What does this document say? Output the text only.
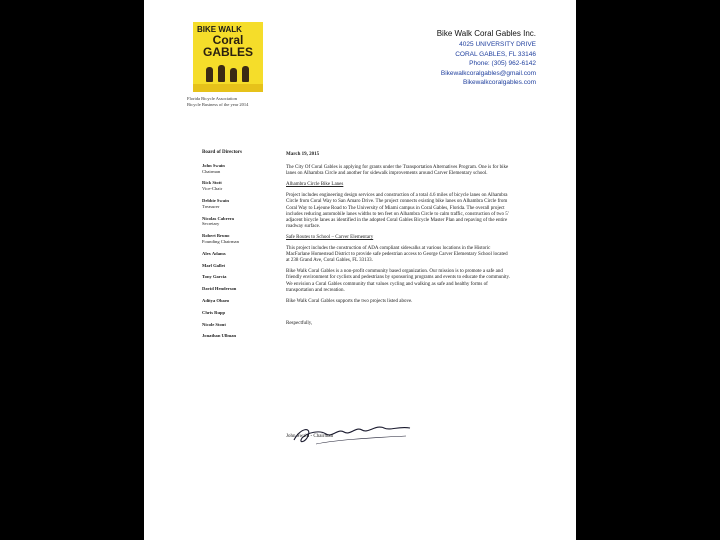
BIKE WALK
Coral GABLES
Florida Bicycle Association
Bicycle Business of the year 2014
Bike Walk Coral Gables Inc.
4025 UNIVERSITY DRIVE
CORAL GABLES, FL 33146
Phone: (305) 962-6142
Bikewalkcoralgables@gmail.com
Bikewalkcoralgables.com
Board of Directors
John Swain
Chairman
Rick Stott
Vice-Chair
Debbie Swain
Treasurer
Nicolas Cabrera
Secretary
Robert Bruno
Founding Chairman
Alex Adams
Marl Gallet
Tony Garcia
David Henderson
Aditya Obaeo
Chris Rupp
Nicole Stout
Jonathan Ullman
March 19, 2015

The City Of Coral Gables is applying for grants under the Transportation Alternatives Program. One is for bike lanes on Alhambra Circle and another for sidewalk improvements around Carver Elementary school.

Alhambra Circle Bike Lanes

Project includes engineering design services and construction of a total 4.6 miles of bicycle lanes on Alhambra Circle from Coral Way to San Amaro Drive. The project connects existing bike lanes on Alhambra Circle from Coral Way to Lejeune Road to The University of Miami campus in Coral Gables, Florida. The overall project includes reducing automobile lanes widths to ten feet on Alhambra Circle to calm traffic, construction of two 5' adjacent bicycle lanes as identified in the adopted Coral Gables Bicycle Master Plan and repaving of the entire roadway surface.

Safe Routes to School – Carver Elementary

This project includes the construction of ADA compliant sidewalks at various locations in the Historic MacFarlane Homestead District to provide safe pedestrian access to George Carver Elementary School located at 238 Grand Ave, Coral Gables, FL 33133.

Bike Walk Coral Gables is a non-profit community based organization. Our mission is to promote a safe and friendly environment for cyclists and pedestrians by sponsoring programs and events to educate the community. We envision a Coral Gables community that values cycling and walking as safe and healthy forms of transportation and recreation.

Bike Walk Coral Gables supports the two projects listed above.

Respectfully,

John Swain - Chairman
